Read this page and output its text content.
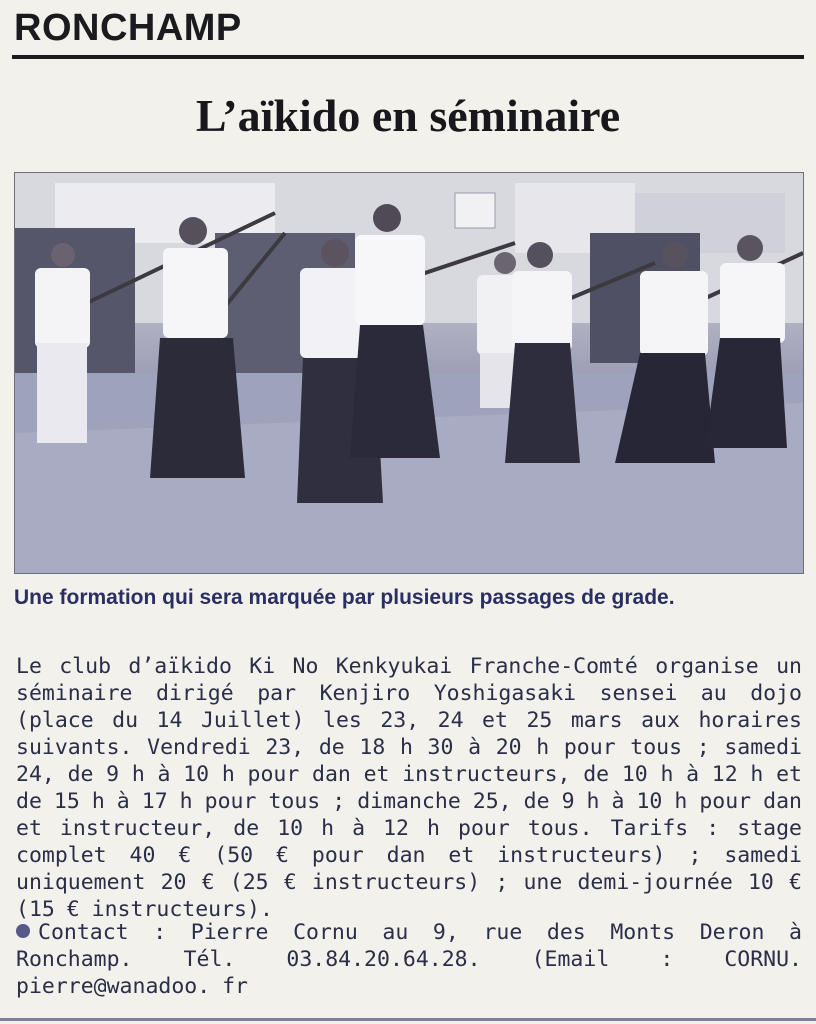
RONCHAMP
L’aïkido en séminaire

Une formation qui sera marquée par plusieurs passages de grade.

Le club d’aïkido Ki No Kenkyukai Franche-Comté organise un séminaire dirigé par Kenjiro Yoshigasaki sensei au dojo (place du 14 Juillet) les 23, 24 et 25 mars aux horaires suivants. Vendredi 23, de 18 h 30 à 20 h pour tous ; samedi 24, de 9 h à 10 h pour dan et instructeurs, de 10 h à 12 h et de 15 h à 17 h pour tous ; dimanche 25, de 9 h à 10 h pour dan et instructeur, de 10 h à 12 h pour tous. Tarifs : stage complet 40 € (50 € pour dan et instructeurs) ; samedi uniquement 20 € (25 € instructeurs) ; une demi-journée 10 € (15 € instructeurs).

Contact : Pierre Cornu au 9, rue des Monts Deron à Ronchamp. Tél. 03.84.20.64.28. (Email : CORNU. pierre@wanadoo. fr
